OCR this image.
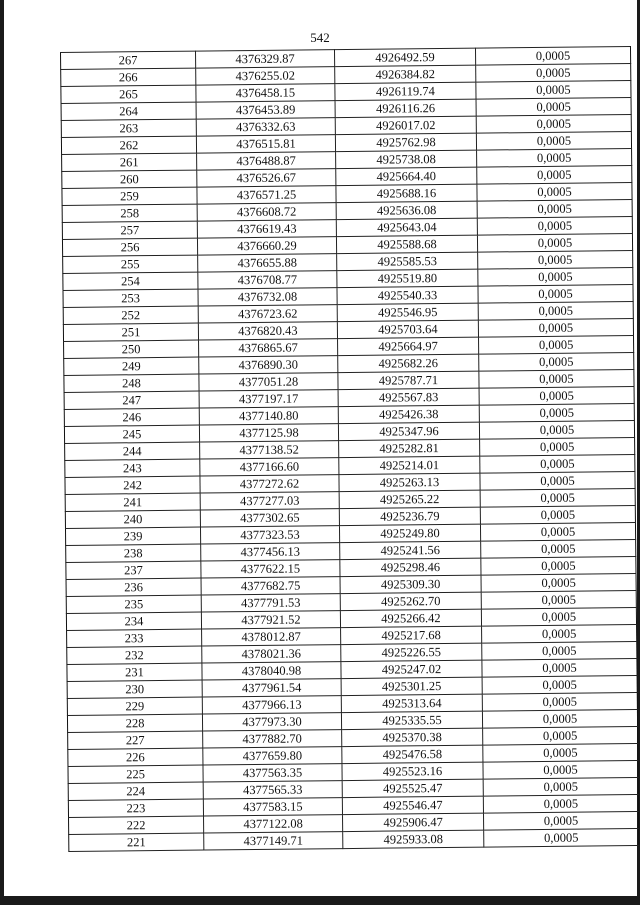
542
267	4376329.87	4926492.59	0,0005
266	4376255.02	4926384.82	0,0005
265	4376458.15	4926119.74	0,0005
264	4376453.89	4926116.26	0,0005
263	4376332.63	4926017.02	0,0005
262	4376515.81	4925762.98	0,0005
261	4376488.87	4925738.08	0,0005
260	4376526.67	4925664.40	0,0005
259	4376571.25	4925688.16	0,0005
258	4376608.72	4925636.08	0,0005
257	4376619.43	4925643.04	0,0005
256	4376660.29	4925588.68	0,0005
255	4376655.88	4925585.53	0,0005
254	4376708.77	4925519.80	0,0005
253	4376732.08	4925540.33	0,0005
252	4376723.62	4925546.95	0,0005
251	4376820.43	4925703.64	0,0005
250	4376865.67	4925664.97	0,0005
249	4376890.30	4925682.26	0,0005
248	4377051.28	4925787.71	0,0005
247	4377197.17	4925567.83	0,0005
246	4377140.80	4925426.38	0,0005
245	4377125.98	4925347.96	0,0005
244	4377138.52	4925282.81	0,0005
243	4377166.60	4925214.01	0,0005
242	4377272.62	4925263.13	0,0005
241	4377277.03	4925265.22	0,0005
240	4377302.65	4925236.79	0,0005
239	4377323.53	4925249.80	0,0005
238	4377456.13	4925241.56	0,0005
237	4377622.15	4925298.46	0,0005
236	4377682.75	4925309.30	0,0005
235	4377791.53	4925262.70	0,0005
234	4377921.52	4925266.42	0,0005
233	4378012.87	4925217.68	0,0005
232	4378021.36	4925226.55	0,0005
231	4378040.98	4925247.02	0,0005
230	4377961.54	4925301.25	0,0005
229	4377966.13	4925313.64	0,0005
228	4377973.30	4925335.55	0,0005
227	4377882.70	4925370.38	0,0005
226	4377659.80	4925476.58	0,0005
225	4377563.35	4925523.16	0,0005
224	4377565.33	4925525.47	0,0005
223	4377583.15	4925546.47	0,0005
222	4377122.08	4925906.47	0,0005
221	4377149.71	4925933.08	0,0005
